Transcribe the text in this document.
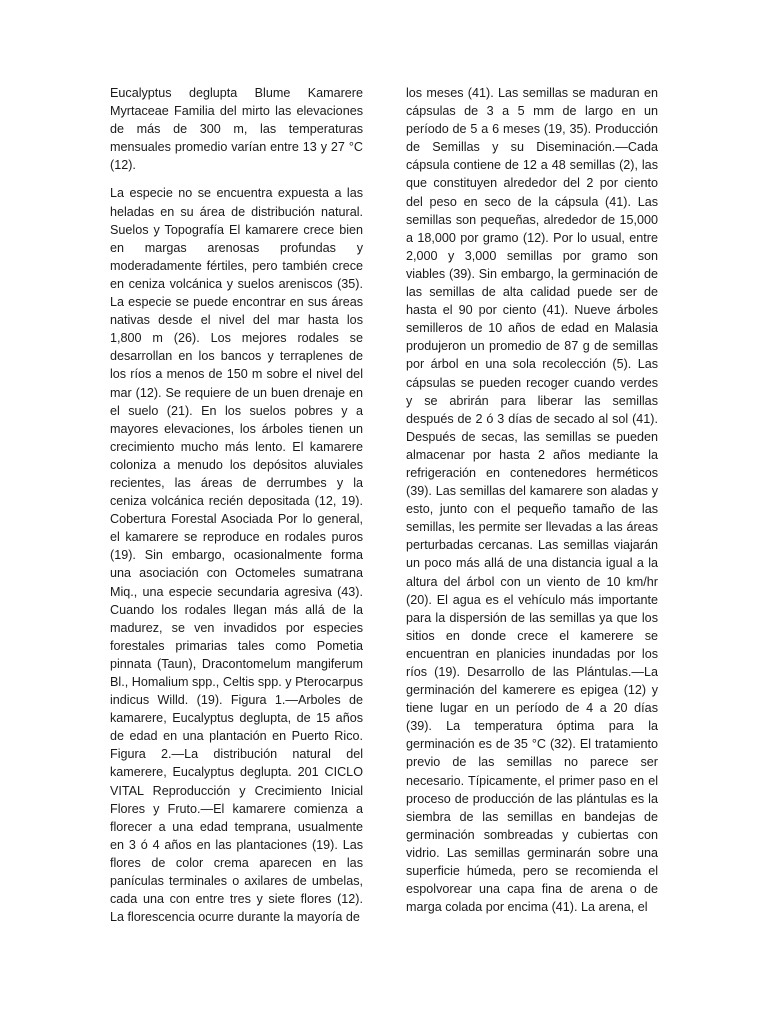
Eucalyptus deglupta Blume Kamarere Myrtaceae Familia del mirto las elevaciones de más de 300 m, las temperaturas mensuales promedio varían entre 13 y 27 °C (12).

La especie no se encuentra expuesta a las heladas en su área de distribución natural. Suelos y Topografía El kamarere crece bien en margas arenosas profundas y moderadamente fértiles, pero también crece en ceniza volcánica y suelos areniscos (35). La especie se puede encontrar en sus áreas nativas desde el nivel del mar hasta los 1,800 m (26). Los mejores rodales se desarrollan en los bancos y terraplenes de los ríos a menos de 150 m sobre el nivel del mar (12). Se requiere de un buen drenaje en el suelo (21). En los suelos pobres y a mayores elevaciones, los árboles tienen un crecimiento mucho más lento. El kamarere coloniza a menudo los depósitos aluviales recientes, las áreas de derrumbes y la ceniza volcánica recién depositada (12, 19). Cobertura Forestal Asociada Por lo general, el kamarere se reproduce en rodales puros (19). Sin embargo, ocasionalmente forma una asociación con Octomeles sumatrana Miq., una especie secundaria agresiva (43). Cuando los rodales llegan más allá de la madurez, se ven invadidos por especies forestales primarias tales como Pometia pinnata (Taun), Dracontomelum mangiferum Bl., Homalium spp., Celtis spp. y Pterocarpus indicus Willd. (19). Figura 1.—Arboles de kamarere, Eucalyptus deglupta, de 15 años de edad en una plantación en Puerto Rico. Figura 2.—La distribución natural del kamerere, Eucalyptus deglupta. 201 CICLO VITAL Reproducción y Crecimiento Inicial Flores y Fruto.—El kamarere comienza a florecer a una edad temprana, usualmente en 3 ó 4 años en las plantaciones (19). Las flores de color crema aparecen en las panículas terminales o axilares de umbelas, cada una con entre tres y siete flores (12). La florescencia ocurre durante la mayoría de

los meses (41). Las semillas se maduran en cápsulas de 3 a 5 mm de largo en un período de 5 a 6 meses (19, 35). Producción de Semillas y su Diseminación.—Cada cápsula contiene de 12 a 48 semillas (2), las que constituyen alrededor del 2 por ciento del peso en seco de la cápsula (41). Las semillas son pequeñas, alrededor de 15,000 a 18,000 por gramo (12). Por lo usual, entre 2,000 y 3,000 semillas por gramo son viables (39). Sin embargo, la germinación de las semillas de alta calidad puede ser de hasta el 90 por ciento (41). Nueve árboles semilleros de 10 años de edad en Malasia produjeron un promedio de 87 g de semillas por árbol en una sola recolección (5). Las cápsulas se pueden recoger cuando verdes y se abrirán para liberar las semillas después de 2 ó 3 días de secado al sol (41). Después de secas, las semillas se pueden almacenar por hasta 2 años mediante la refrigeración en contenedores herméticos (39). Las semillas del kamarere son aladas y esto, junto con el pequeño tamaño de las semillas, les permite ser llevadas a las áreas perturbadas cercanas. Las semillas viajarán un poco más allá de una distancia igual a la altura del árbol con un viento de 10 km/hr (20). El agua es el vehículo más importante para la dispersión de las semillas ya que los sitios en donde crece el kamerere se encuentran en planicies inundadas por los ríos (19). Desarrollo de las Plántulas.—La germinación del kamerere es epigea (12) y tiene lugar en un período de 4 a 20 días (39). La temperatura óptima para la germinación es de 35 °C (32). El tratamiento previo de las semillas no parece ser necesario. Típicamente, el primer paso en el proceso de producción de las plántulas es la siembra de las semillas en bandejas de germinación sombreadas y cubiertas con vidrio. Las semillas germinarán sobre una superficie húmeda, pero se recomienda el espolvorear una capa fina de arena o de marga colada por encima (41). La arena, el
